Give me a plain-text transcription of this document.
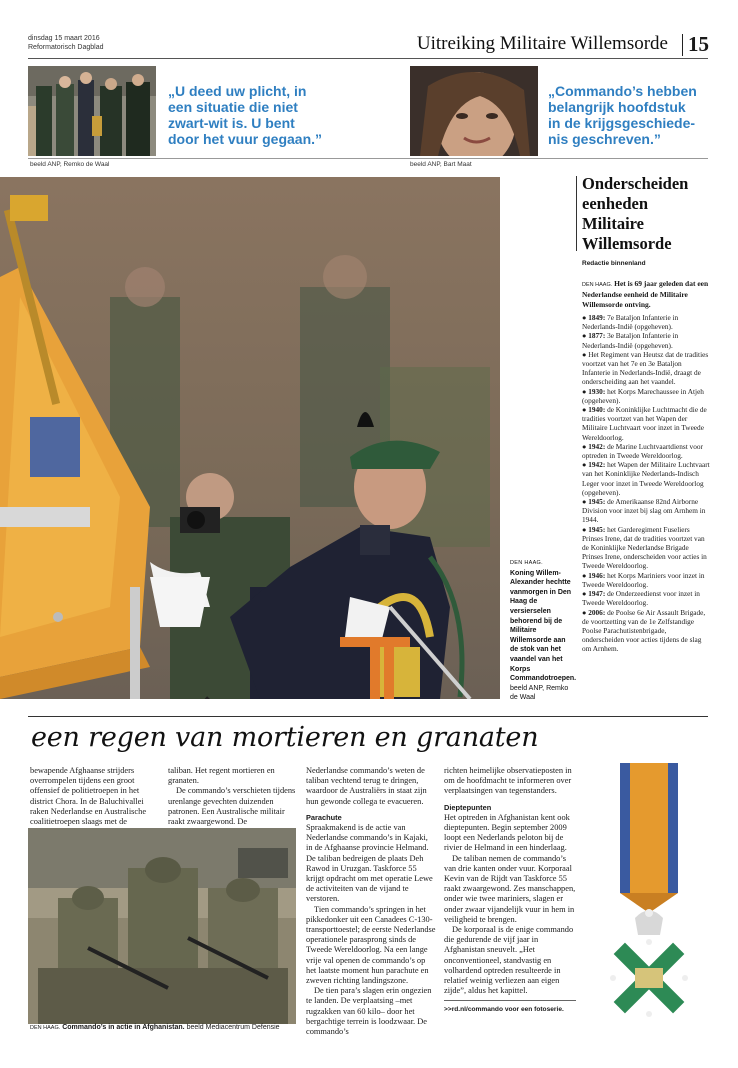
dinsdag 15 maart 2016
Reformatorisch Dagblad	Uitreiking Militaire Willemsorde 15
„U deed uw plicht, in
een situatie die niet
zwart-wit is. U bent
door het vuur gegaan.”
beeld ANP, Remko de Waal
„Commando’s hebben
belangrijk hoofdstuk
in de krijgsgeschiede-
nis geschreven.”
beeld ANP, Bart Maat
DEN HAAG.
Koning Willem-Alexander hechtte vanmorgen in Den Haag de versierselen behorend bij de Militaire Willemsorde aan de stok van het vaandel van het Korps Commandotroepen. beeld ANP, Remko de Waal
Onderscheiden
eenheden
Militaire
Willemsorde
Redactie binnenland
DEN HAAG. Het is 69 jaar geleden dat een Nederlandse eenheid de Militaire Willemsorde ontving.
● 1849: 7e Bataljon Infanterie in Nederlands-Indië (opgeheven).
● 1877: 3e Bataljon Infanterie in Nederlands-Indië (opgeheven).
● Het Regiment van Heutsz dat de tradities voortzet van het 7e en 3e Bataljon Infanterie in Nederlands-Indië, draagt de onderscheiding aan het vaandel.
● 1930: het Korps Marechaussee in Atjeh (opgeheven).
● 1940: de Koninklijke Luchtmacht die de tradities voortzet van het Wapen der Militaire Luchtvaart voor inzet in Tweede Wereldoorlog.
● 1942: de Marine Luchtvaartdienst voor optreden in Tweede Wereldoorlog.
● 1942: het Wapen der Militaire Luchtvaart van het Koninklijke Nederlands-Indisch Leger voor inzet in Tweede Wereldoorlog (opgeheven).
● 1945: de Amerikaanse 82nd Airborne Division voor inzet bij slag om Arnhem in 1944.
● 1945: het Garderegiment Fuseliers Prinses Irene, dat de tradities voortzet van de Koninklijke Nederlandse Brigade Prinses Irene, onderscheiden voor acties in Tweede Wereldoorlog.
● 1946: het Korps Mariniers voor inzet in Tweede Wereldoorlog.
● 1947: de Onderzeedienst voor inzet in Tweede Wereldoorlog.
● 2006: de Poolse 6e Air Assault Brigade, de voortzetting van de 1e Zelfstandige Poolse Parachutistenbrigade, onderscheiden voor acties tijdens de slag om Arnhem.
een regen van mortieren en granaten

bewapende Afghaanse strijders overrompelen tijdens een groot offensief de politietroepen in het district Chora. In de Baluchivallei raken Nederlandse en Australische coalitietroepen slaags met de

taliban. Het regent mortieren en granaten.

De commando’s verschieten tijdens urenlange gevechten duizenden patronen. Een Australische militair raakt zwaargewond. De

Nederlandse commando’s weten de taliban vechtend terug te dringen, waardoor de Australiërs in staat zijn hun gewonde collega te evacueren.

Parachute

Spraakmakend is de actie van Nederlandse commando’s in Kajaki, in de Afghaanse provincie Helmand. De taliban bedreigen de plaats Deh Rawod in Uruzgan. Taskforce 55 krijgt opdracht om met operatie Lewe de activiteiten van de vijand te verstoren.

Tien commando’s springen in het pikkedonker uit een Canadees C-130-transporttoestel; de eerste Nederlandse operationele parasprong sinds de Tweede Wereldoorlog. Na een lange vrije val openen de commando’s op het laatste moment hun parachute en zweven richting landingszone.

De tien para’s slagen erin ongezien te landen. De verplaatsing –met rugzakken van 60 kilo– door het bergachtige terrein is loodzwaar. De commando’s

richten heimelijke observatieposten in om de hoofdmacht te informeren over verplaatsingen van tegenstanders.

Dieptepunten

Het optreden in Afghanistan kent ook dieptepunten. Begin september 2009 loopt een Nederlands peloton bij de rivier de Helmand in een hinderlaag.

De taliban nemen de commando’s van drie kanten onder vuur. Korporaal Kevin van de Rijdt van Taskforce 55 raakt zwaargewond. Zes manschappen, onder wie twee mariniers, slagen er onder zwaar vijandelijk vuur in hem in veiligheid te brengen.

De korporaal is de enige commando die gedurende de vijf jaar in Afghanistan sneuvelt. „Het onconventioneel, standvastig en volhardend optreden resulteerde in relatief weinig verliezen aan eigen zijde”, aldus het kapittel.

>>rd.nl/commando voor een fotoserie.

DEN HAAG. Commando’s in actie in Afghanistan. beeld Mediacentrum Defensie
